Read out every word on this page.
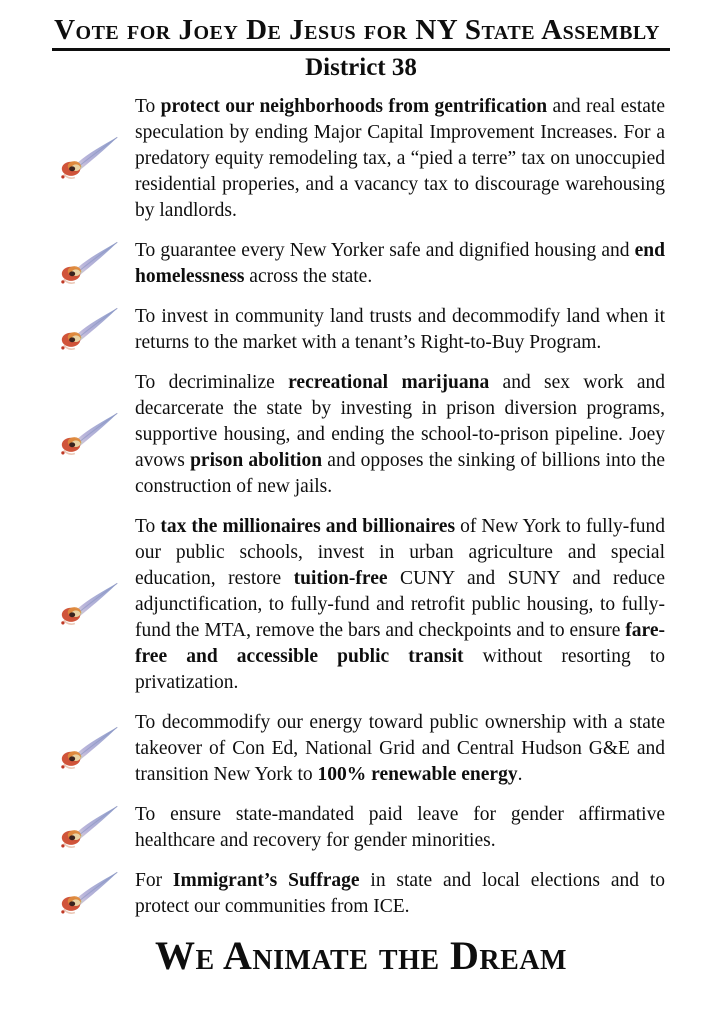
Vote for Joey De Jesus for NY State Assembly
District 38

To protect our neighborhoods from gentrification and real estate speculation by ending Major Capital Improvement Increases. For a predatory equity remodeling tax, a “pied a terre” tax on unoccupied residential properies, and a vacancy tax to discourage warehousing by landlords.

To guarantee every New Yorker safe and dignified housing and end homelessness across the state.

To invest in community land trusts and decommodify land when it returns to the market with a tenant’s Right-to-Buy Program.

To decriminalize recreational marijuana and sex work and decarcerate the state by investing in prison diversion programs, supportive housing, and ending the school-to-prison pipeline. Joey avows prison abolition and opposes the sinking of billions into the construction of new jails.

To tax the millionaires and billionaires of New York to fully-fund our public schools, invest in urban agriculture and special education, restore tuition-free CUNY and SUNY and reduce adjunctification, to fully-fund and retrofit public housing, to fully-fund the MTA, remove the bars and checkpoints and to ensure fare-free and accessible public transit without resorting to privatization.

To decommodify our energy toward public ownership with a state takeover of Con Ed, National Grid and Central Hudson G&E and transition New York to 100% renewable energy.

To ensure state-mandated paid leave for gender affirmative healthcare and recovery for gender minorities.

For Immigrant’s Suffrage in state and local elections and to protect our communities from ICE.

We Animate the Dream
